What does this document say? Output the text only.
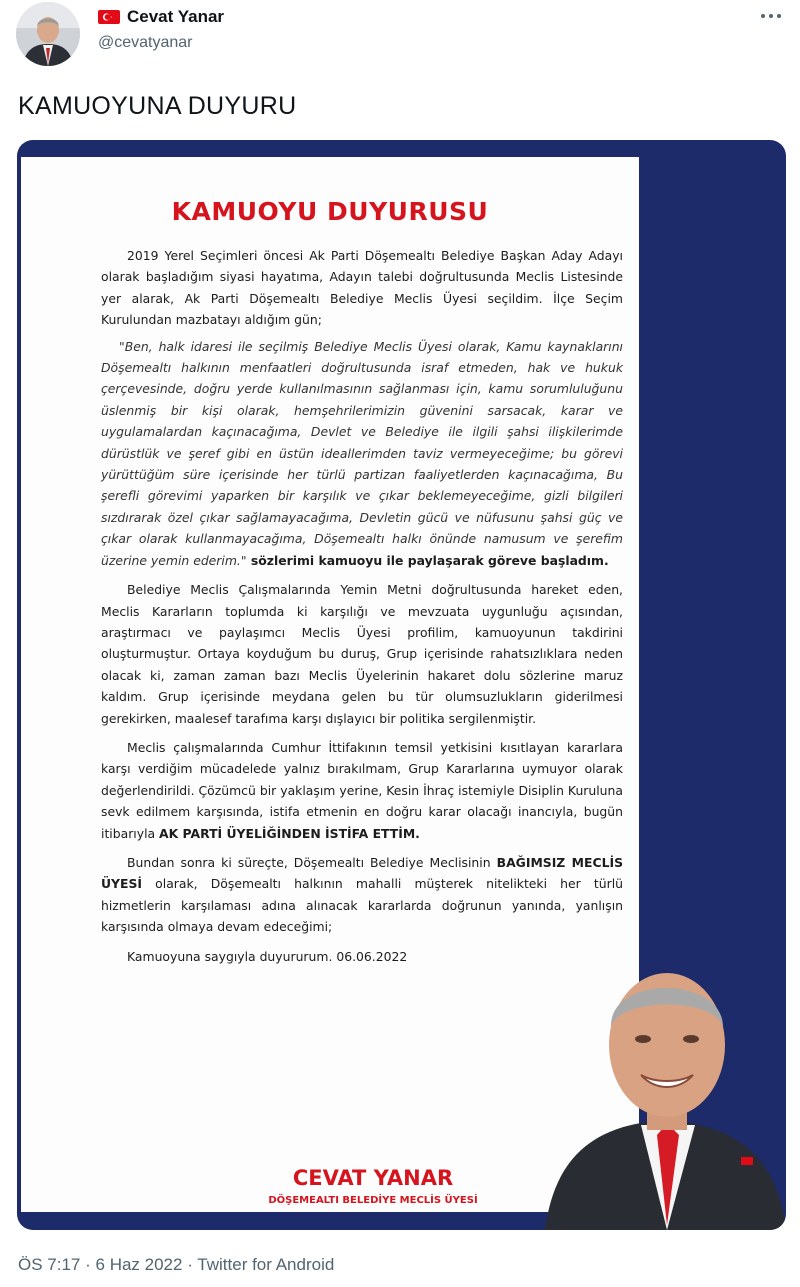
Cevat Yanar
@cevatyanar
KAMUOYUNA DUYURU
KAMUOYU DUYURUSU

2019 Yerel Seçimleri öncesi Ak Parti Döşemealtı Belediye Başkan Aday Adayı olarak başladığım siyasi hayatıma, Adayın talebi doğrultusunda Meclis Listesinde yer alarak, Ak Parti Döşemealtı Belediye Meclis Üyesi seçildim. İlçe Seçim Kurulundan mazbatayı aldığım gün;

"Ben, halk idaresi ile seçilmiş Belediye Meclis Üyesi olarak, Kamu kaynaklarını Döşemealtı halkının menfaatleri doğrultusunda israf etmeden, hak ve hukuk çerçevesinde, doğru yerde kullanılmasının sağlanması için, kamu sorumluluğunu üslenmiş bir kişi olarak, hemşehrilerimizin güvenini sarsacak, karar ve uygulamalardan kaçınacağıma, Devlet ve Belediye ile ilgili şahsi ilişkilerimde dürüstlük ve şeref gibi en üstün ideallerimden taviz vermeyeceğime; bu görevi yürüttüğüm süre içerisinde her türlü partizan faaliyetlerden kaçınacağıma, Bu şerefli görevimi yaparken bir karşılık ve çıkar beklemeyeceğime, gizli bilgileri sızdırarak özel çıkar sağlamayacağıma, Devletin gücü ve nüfusunu şahsi güç ve çıkar olarak kullanmayacağıma, Döşemealtı halkı önünde namusum ve şerefim üzerine yemin ederim." sözlerimi kamuoyu ile paylaşarak göreve başladım.

Belediye Meclis Çalışmalarında Yemin Metni doğrultusunda hareket eden, Meclis Kararların toplumda ki karşılığı ve mevzuata uygunluğu açısından, araştırmacı ve paylaşımcı Meclis Üyesi profilim, kamuoyunun takdirini oluşturmuştur. Ortaya koyduğum bu duruş, Grup içerisinde rahatsızlıklara neden olacak ki, zaman zaman bazı Meclis Üyelerinin hakaret dolu sözlerine maruz kaldım. Grup içerisinde meydana gelen bu tür olumsuzlukların giderilmesi gerekirken, maalesef tarafıma karşı dışlayıcı bir politika sergilenmiştir.

Meclis çalışmalarında Cumhur İttifakının temsil yetkisini kısıtlayan kararlara karşı verdiğim mücadelede yalnız bırakılmam, Grup Kararlarına uymuyor olarak değerlendirildi. Çözümcü bir yaklaşım yerine, Kesin İhraç istemiyle Disiplin Kuruluna sevk edilmem karşısında, istifa etmenin en doğru karar olacağı inancıyla, bugün itibarıyla AK PARTİ ÜYELİĞİNDEN İSTİFA ETTİM.

Bundan sonra ki süreçte, Döşemealtı Belediye Meclisinin BAĞIMSIZ MECLİS ÜYESİ olarak, Döşemealtı halkının mahalli müşterek nitelikteki her türlü hizmetlerin karşılaması adına alınacak kararlarda doğrunun yanında, yanlışın karşısında olmaya devam edeceğimi;

Kamuoyuna saygıyla duyururum. 06.06.2022

CEVAT YANAR
DÖŞEMEALTI BELEDİYE MECLİS ÜYESİ
ÖS 7:17 · 6 Haz 2022 · Twitter for Android
